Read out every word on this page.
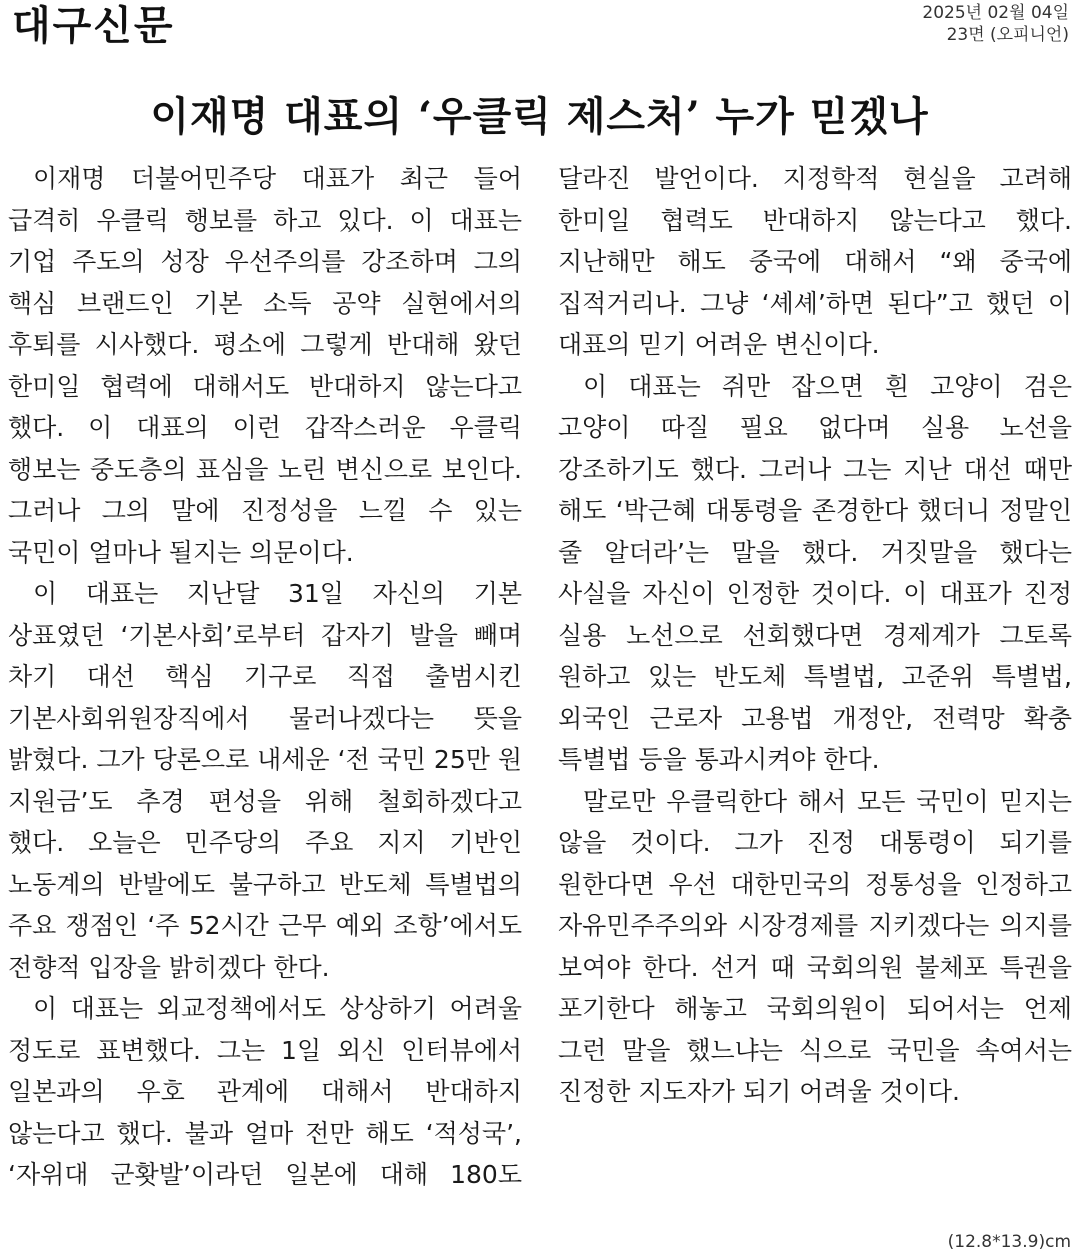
대구신문	2025년 02월 04일
23면 (오피니언)
이재명 대표의 ‘우클릭 제스처’ 누가 믿겠나

이재명 더불어민주당 대표가 최근 들어 급격히 우클릭 행보를 하고 있다. 이 대표는 기업 주도의 성장 우선주의를 강조하며 그의 핵심 브랜드인 기본 소득 공약 실현에서의 후퇴를 시사했다. 평소에 그렇게 반대해 왔던 한미일 협력에 대해서도 반대하지 않는다고 했다. 이 대표의 이런 갑작스러운 우클릭 행보는 중도층의 표심을 노린 변신으로 보인다. 그러나 그의 말에 진정성을 느낄 수 있는 국민이 얼마나 될지는 의문이다.

이 대표는 지난달 31일 자신의 기본 상표였던 ‘기본사회’로부터 갑자기 발을 빼며 차기 대선 핵심 기구로 직접 출범시킨 기본사회위원장직에서 물러나겠다는 뜻을 밝혔다. 그가 당론으로 내세운 ‘전 국민 25만 원 지원금’도 추경 편성을 위해 철회하겠다고 했다. 오늘은 민주당의 주요 지지 기반인 노동계의 반발에도 불구하고 반도체 특별법의 주요 쟁점인 ‘주 52시간 근무 예외 조항’에서도 전향적 입장을 밝히겠다 한다.

이 대표는 외교정책에서도 상상하기 어려울 정도로 표변했다. 그는 1일 외신 인터뷰에서 일본과의 우호 관계에 대해서 반대하지 않는다고 했다. 불과 얼마 전만 해도 ‘적성국’, ‘자위대 군홧발’이라던 일본에 대해 180도 달라진 발언이다. 지정학적 현실을 고려해 한미일 협력도 반대하지 않는다고 했다. 지난해만 해도 중국에 대해서 “왜 중국에 집적거리나. 그냥 ‘셰셰’하면 된다”고 했던 이 대표의 믿기 어려운 변신이다.

이 대표는 쥐만 잡으면 흰 고양이 검은 고양이 따질 필요 없다며 실용 노선을 강조하기도 했다. 그러나 그는 지난 대선 때만 해도 ‘박근혜 대통령을 존경한다 했더니 정말인 줄 알더라’는 말을 했다. 거짓말을 했다는 사실을 자신이 인정한 것이다. 이 대표가 진정 실용 노선으로 선회했다면 경제계가 그토록 원하고 있는 반도체 특별법, 고준위 특별법, 외국인 근로자 고용법 개정안, 전력망 확충 특별법 등을 통과시켜야 한다.

말로만 우클릭한다 해서 모든 국민이 믿지는 않을 것이다. 그가 진정 대통령이 되기를 원한다면 우선 대한민국의 정통성을 인정하고 자유민주주의와 시장경제를 지키겠다는 의지를 보여야 한다. 선거 때 국회의원 불체포 특권을 포기한다 해놓고 국회의원이 되어서는 언제 그런 말을 했느냐는 식으로 국민을 속여서는 진정한 지도자가 되기 어려울 것이다.

(12.8*13.9)cm
